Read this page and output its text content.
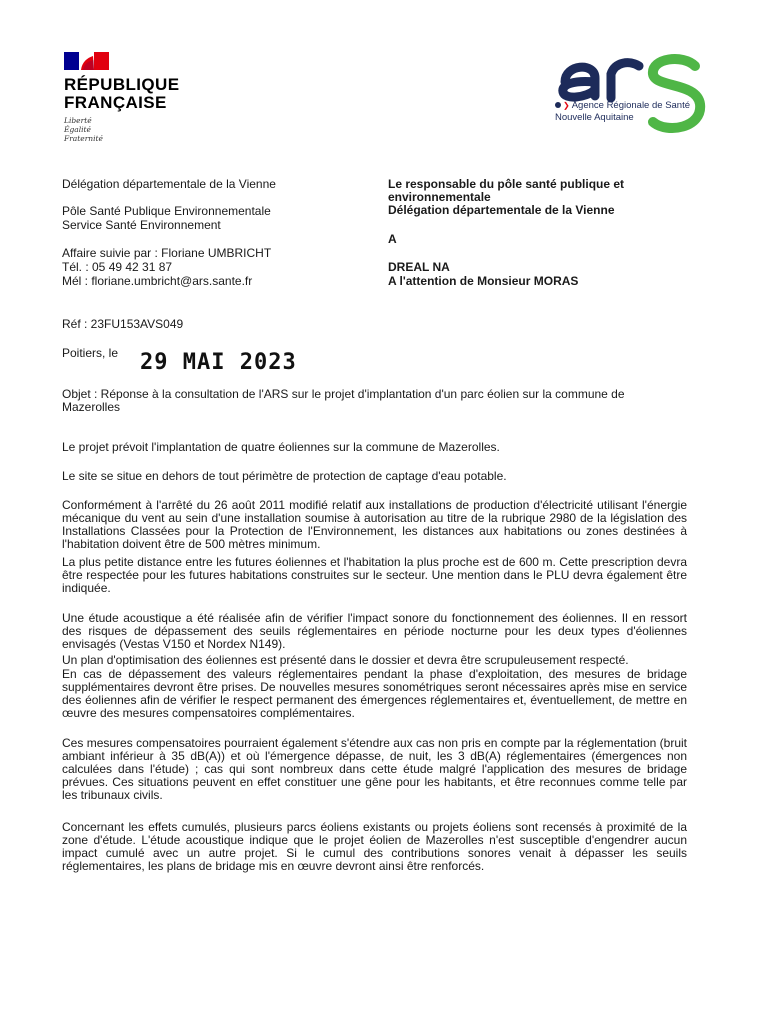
RÉPUBLIQUE
FRANÇAISE
Liberté
Égalité
Fraternité
❯ Agence Régionale de Santé
Nouvelle Aquitaine

Délégation départementale de la Vienne

Pôle Santé Publique Environnementale

Service Santé Environnement

Affaire suivie par : Floriane UMBRICHT

Tél. : 05 49 42 31 87

Mél : floriane.umbricht@ars.sante.fr

Le responsable du pôle santé publique et

environnementale

Délégation départementale de la Vienne

A

DREAL NA

A l'attention de Monsieur MORAS

Réf : 23FU153AVS049

Poitiers, le 29 MAI 2023

Objet : Réponse à la consultation de l'ARS sur le projet d'implantation d'un parc éolien sur la commune de

Mazerolles

Le projet prévoit l'implantation de quatre éoliennes sur la commune de Mazerolles.

Le site se situe en dehors de tout périmètre de protection de captage d'eau potable.

Conformément à l'arrêté du 26 août 2011 modifié relatif aux installations de production d'électricité utilisant l'énergie mécanique du vent au sein d'une installation soumise à autorisation au titre de la rubrique 2980 de la législation des Installations Classées pour la Protection de l'Environnement, les distances aux habitations ou zones destinées à l'habitation doivent être de 500 mètres minimum.

La plus petite distance entre les futures éoliennes et l'habitation la plus proche est de 600 m. Cette prescription devra être respectée pour les futures habitations construites sur le secteur. Une mention dans le PLU devra également être indiquée.

Une étude acoustique a été réalisée afin de vérifier l'impact sonore du fonctionnement des éoliennes. Il en ressort des risques de dépassement des seuils réglementaires en période nocturne pour les deux types d'éoliennes envisagés (Vestas V150 et Nordex N149).

Un plan d'optimisation des éoliennes est présenté dans le dossier et devra être scrupuleusement respecté.

En cas de dépassement des valeurs réglementaires pendant la phase d'exploitation, des mesures de bridage supplémentaires devront être prises. De nouvelles mesures sonométriques seront nécessaires après mise en service des éoliennes afin de vérifier le respect permanent des émergences réglementaires et, éventuellement, de mettre en œuvre des mesures compensatoires complémentaires.

Ces mesures compensatoires pourraient également s'étendre aux cas non pris en compte par la réglementation (bruit ambiant inférieur à 35 dB(A)) et où l'émergence dépasse, de nuit, les 3 dB(A) réglementaires (émergences non calculées dans l'étude) ; cas qui sont nombreux dans cette étude malgré l'application des mesures de bridage prévues. Ces situations peuvent en effet constituer une gêne pour les habitants, et être reconnues comme telle par les tribunaux civils.

Concernant les effets cumulés, plusieurs parcs éoliens existants ou projets éoliens sont recensés à proximité de la zone d'étude. L'étude acoustique indique que le projet éolien de Mazerolles n'est susceptible d'engendrer aucun impact cumulé avec un autre projet. Si le cumul des contributions sonores venait à dépasser les seuils réglementaires, les plans de bridage mis en œuvre devront ainsi être renforcés.
